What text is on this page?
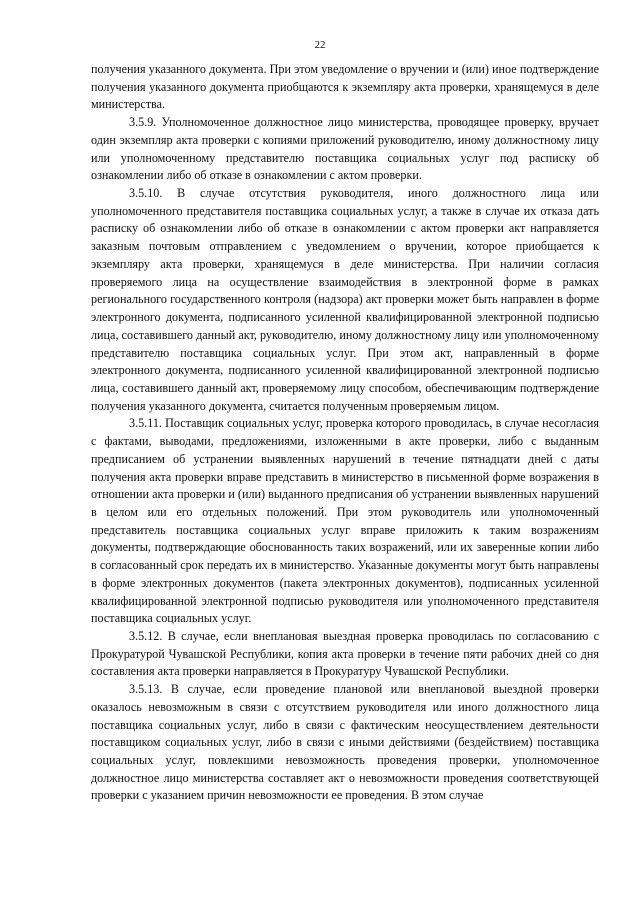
22

получения указанного документа. При этом уведомление о вручении и (или) иное подтверждение получения указанного документа приобщаются к экземпляру акта проверки, хранящемуся в деле министерства.

3.5.9. Уполномоченное должностное лицо министерства, проводящее проверку, вручает один экземпляр акта проверки с копиями приложений руководителю, иному должностному лицу или уполномоченному представителю поставщика социальных услуг под расписку об ознакомлении либо об отказе в ознакомлении с актом проверки.

3.5.10. В случае отсутствия руководителя, иного должностного лица или уполномоченного представителя поставщика социальных услуг, а также в случае их отказа дать расписку об ознакомлении либо об отказе в ознакомлении с актом проверки акт направляется заказным почтовым отправлением с уведомлением о вручении, которое приобщается к экземпляру акта проверки, хранящемуся в деле министерства. При наличии согласия проверяемого лица на осуществление взаимодействия в электронной форме в рамках регионального государственного контроля (надзора) акт проверки может быть направлен в форме электронного документа, подписанного усиленной квалифицированной электронной подписью лица, составившего данный акт, руководителю, иному должностному лицу или уполномоченному представителю поставщика социальных услуг. При этом акт, направленный в форме электронного документа, подписанного усиленной квалифицированной электронной подписью лица, составившего данный акт, проверяемому лицу способом, обеспечивающим подтверждение получения указанного документа, считается полученным проверяемым лицом.

3.5.11. Поставщик социальных услуг, проверка которого проводилась, в случае несогласия с фактами, выводами, предложениями, изложенными в акте проверки, либо с выданным предписанием об устранении выявленных нарушений в течение пятнадцати дней с даты получения акта проверки вправе представить в министерство в письменной форме возражения в отношении акта проверки и (или) выданного предписания об устранении выявленных нарушений в целом или его отдельных положений. При этом руководитель или уполномоченный представитель поставщика социальных услуг вправе приложить к таким возражениям документы, подтверждающие обоснованность таких возражений, или их заверенные копии либо в согласованный срок передать их в министерство. Указанные документы могут быть направлены в форме электронных документов (пакета электронных документов), подписанных усиленной квалифицированной электронной подписью руководителя или уполномоченного представителя поставщика социальных услуг.

3.5.12. В случае, если внеплановая выездная проверка проводилась по согласованию с Прокуратурой Чувашской Республики, копия акта проверки в течение пяти рабочих дней со дня составления акта проверки направляется в Прокуратуру Чувашской Республики.

3.5.13. В случае, если проведение плановой или внеплановой выездной проверки оказалось невозможным в связи с отсутствием руководителя или иного должностного лица поставщика социальных услуг, либо в связи с фактическим неосуществлением деятельности поставщиком социальных услуг, либо в связи с иными действиями (бездействием) поставщика социальных услуг, повлекшими невозможность проведения проверки, уполномоченное должностное лицо министерства составляет акт о невозможности проведения соответствующей проверки с указанием причин невозможности ее проведения. В этом случае
